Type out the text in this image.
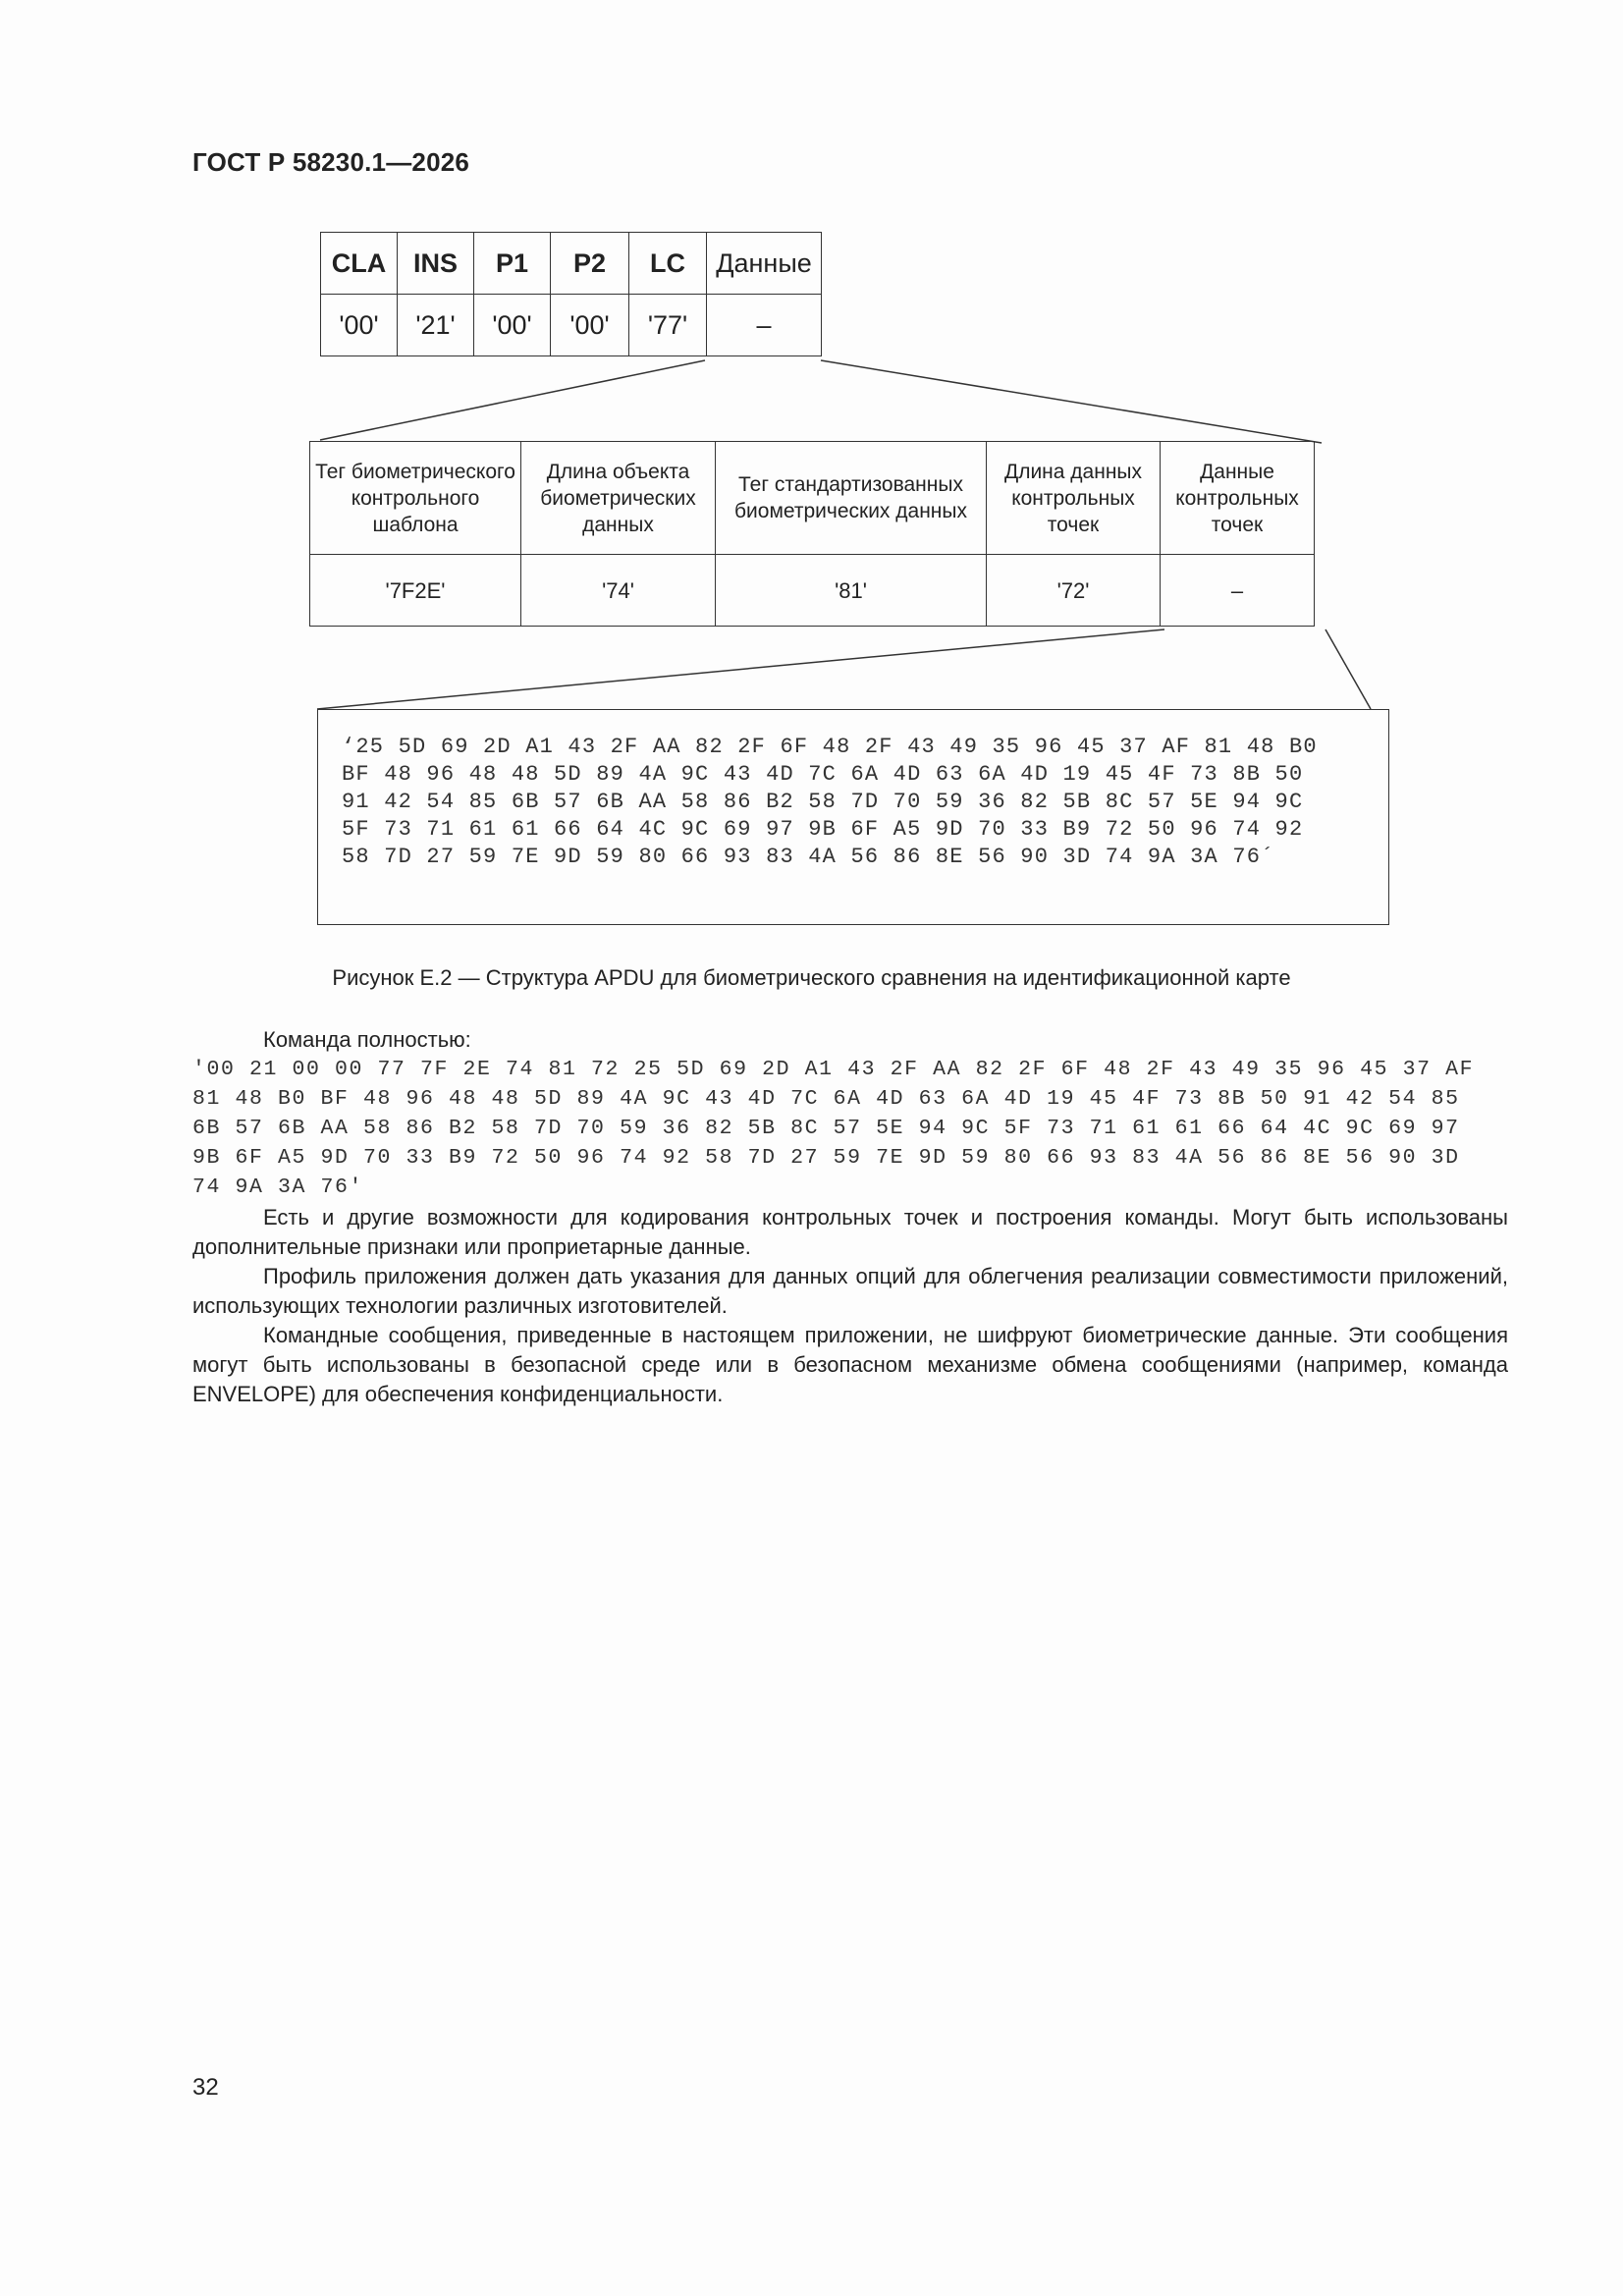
ГОСТ Р 58230.1—2026
CLA	INS	P1	P2	LC	Данные
'00'	'21'	'00'	'00'	'77'	–
Тег биометрического контрольного шаблона	Длина объекта биометрических данных	Тег стандартизованных биометрических данных	Длина данных контрольных точек	Данные контрольных точек
'7F2E'	'74'	'81'	'72'	–
‘25 5D 69 2D A1 43 2F AA 82 2F 6F 48 2F 43 49 35 96 45 37 AF 81 48 B0
BF 48 96 48 48 5D 89 4A 9C 43 4D 7C 6A 4D 63 6A 4D 19 45 4F 73 8B 50
91 42 54 85 6B 57 6B AA 58 86 B2 58 7D 70 59 36 82 5B 8C 57 5E 94 9C
5F 73 71 61 61 66 64 4C 9C 69 97 9B 6F A5 9D 70 33 B9 72 50 96 74 92
58 7D 27 59 7E 9D 59 80 66 93 83 4A 56 86 8E 56 90 3D 74 9A 3A 76´
Рисунок Е.2 — Структура APDU для биометрического сравнения на идентификационной карте

Команда полностью:

'00 21 00 00 77 7F 2E 74 81 72 25 5D 69 2D A1 43 2F AA 82 2F 6F 48 2F 43 49 35 96 45 37 AF
81 48 B0 BF 48 96 48 48 5D 89 4A 9C 43 4D 7C 6A 4D 63 6A 4D 19 45 4F 73 8B 50 91 42 54 85
6B 57 6B AA 58 86 B2 58 7D 70 59 36 82 5B 8C 57 5E 94 9C 5F 73 71 61 61 66 64 4C 9C 69 97
9B 6F A5 9D 70 33 B9 72 50 96 74 92 58 7D 27 59 7E 9D 59 80 66 93 83 4A 56 86 8E 56 90 3D
74 9A 3A 76'

Есть и другие возможности для кодирования контрольных точек и построения команды. Могут быть использованы дополнительные признаки или проприетарные данные.

Профиль приложения должен дать указания для данных опций для облегчения реализации совместимости приложений, использующих технологии различных изготовителей.

Командные сообщения, приведенные в настоящем приложении, не шифруют биометрические данные. Эти сообщения могут быть использованы в безопасной среде или в безопасном механизме обмена сообщениями (например, команда ENVELOPE) для обеспечения конфиденциальности.

32
